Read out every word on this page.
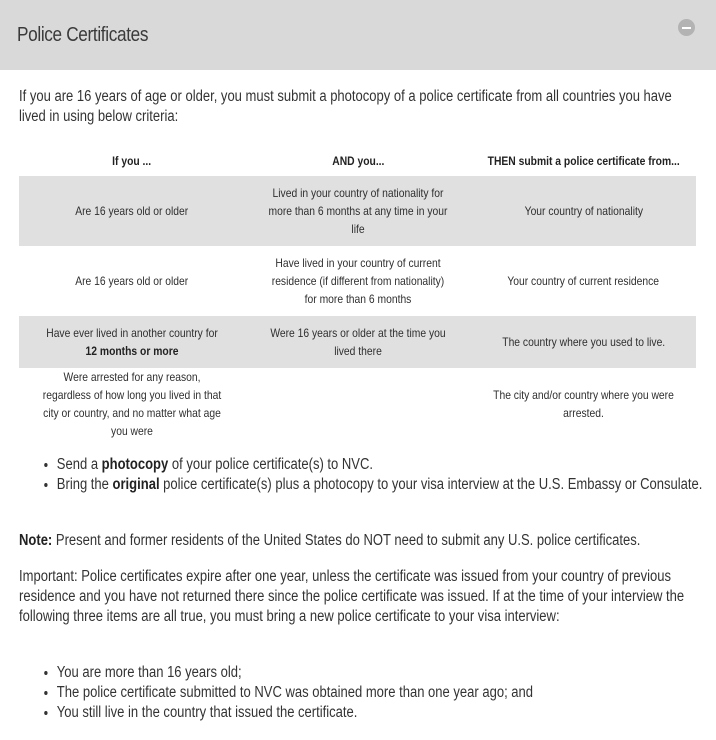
Police Certificates
If you are 16 years of age or older, you must submit a photocopy of a police certificate from all countries you have lived in using below criteria:
If you ...	AND you...	THEN submit a police certificate from...
Are 16 years old or older	Lived in your country of nationality for more than 6 months at any time in your life	Your country of nationality
Are 16 years old or older	Have lived in your country of current residence (if different from nationality) for more than 6 months	Your country of current residence
Have ever lived in another country for 12 months or more	Were 16 years or older at the time you lived there	The country where you used to live.
Were arrested for any reason, regardless of how long you lived in that city or country, and no matter what age you were		The city and/or country where you were arrested.
• Send a photocopy of your police certificate(s) to NVC.
• Bring the original police certificate(s) plus a photocopy to your visa interview at the U.S. Embassy or Consulate.
Note: Present and former residents of the United States do NOT need to submit any U.S. police certificates.
Important: Police certificates expire after one year, unless the certificate was issued from your country of previous residence and you have not returned there since the police certificate was issued. If at the time of your interview the following three items are all true, you must bring a new police certificate to your visa interview:
• You are more than 16 years old;
• The police certificate submitted to NVC was obtained more than one year ago; and
• You still live in the country that issued the certificate.
